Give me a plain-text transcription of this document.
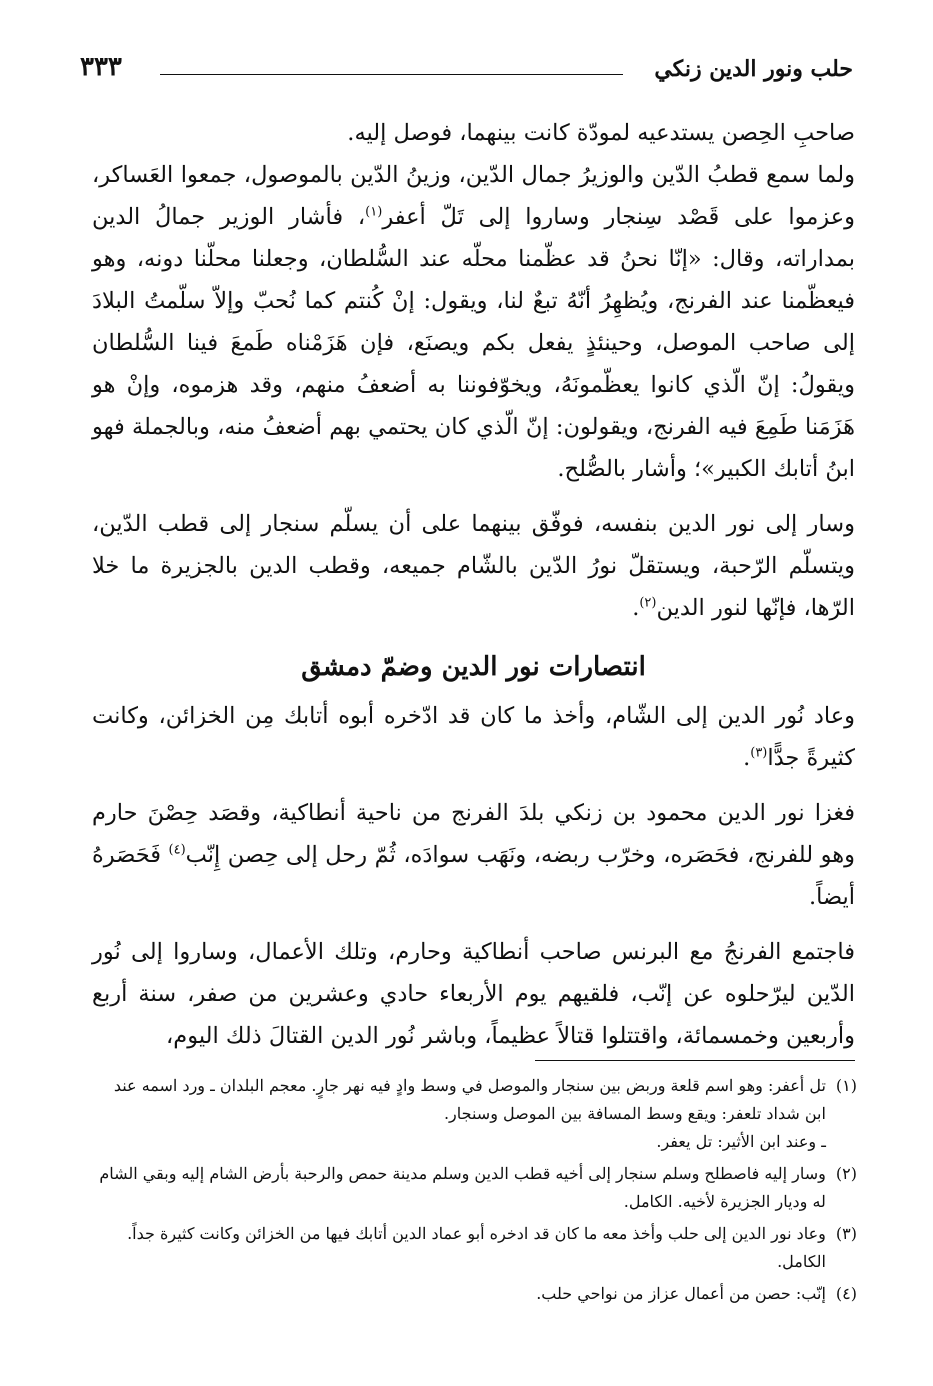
حلب ونور الدين زنكي
٣٣٣

صاحبِ الحِصن يستدعيه لمودّة كانت بينهما، فوصل إليه.

ولما سمع قطبُ الدّين والوزيرُ جمال الدّين، وزينُ الدّين بالموصول، جمعوا العَساكر، وعزموا على قَصْد سِنجار وساروا إلى تَلّ أعفر$^{(١)}$، فأشار الوزير جمالُ الدين بمداراته، وقال: «إنّا نحنُ قد عظّمنا محلّه عند السُّلطان، وجعلنا محلّنا دونه، وهو فيعظّمنا عند الفرنج، ويُظهِرُ أنّهُ تبعٌ لنا، ويقول: إنْ كُنتم كما نُحبّ وإلاّ سلّمتُ البلادَ إلى صاحب الموصل، وحينئذٍ يفعل بكم ويصنَع، فإن هَزَمْناه طَمعَ فينا السُّلطان ويقولُ: إنّ الّذي كانوا يعظّمونَهُ، ويخوّفوننا به أضعفُ منهم، وقد هزموه، وإنْ هو هَزَمَنا طَمِعَ فيه الفرنج، ويقولون: إنّ الّذي كان يحتمي بهم أضعفُ منه، وبالجملة فهو ابنُ أتابك الكبير»؛ وأشار بالصُّلح.

وسار إلى نور الدين بنفسه، فوفّق بينهما على أن يسلّم سنجار إلى قطب الدّين، ويتسلّم الرّحبة، ويستقلّ نورُ الدّين بالشّام جميعه، وقطب الدين بالجزيرة ما خلا الرّها، فإنّها لنور الدين$^{(٢)}$.

انتصارات نور الدين وضمّ دمشق

وعاد نُور الدين إلى الشّام، وأخذ ما كان قد ادّخره أبوه أتابك مِن الخزائن، وكانت كثيرةً جدًّا$^{(٣)}$.

فغزا نور الدين محمود بن زنكي بلدَ الفرنج من ناحية أنطاكية، وقصَد حِصْنَ حارم وهو للفرنج، فحَصَره، وخرّب ربضه، ونَهَب سوادَه، ثُمّ رحل إلى حِصن إِنّب$^{(٤)}$ فَحَصَرهُ أيضاً.

فاجتمع الفرنجُ مع البرنس صاحب أنطاكية وحارم، وتلك الأعمال، وساروا إلى نُور الدّين ليرّحلوه عن إنّب، فلقيهم يوم الأربعاء حادي وعشرين من صفر، سنة أربع وأربعين وخمسمائة، واقتتلوا قتالاً عظيماً، وباشر نُور الدين القتالَ ذلك اليوم،

(١)
تل أعفر: وهو اسم قلعة وربض بين سنجار والموصل في وسط وادٍ فيه نهر جارٍ. معجم البلدان ـ ورد اسمه عند ابن شداد تلعفر: ويقع وسط المسافة بين الموصل وسنجار.
ـ وعند ابن الأثير: تل يعفر.
(٢)
وسار إليه فاصطلح وسلم سنجار إلى أخيه قطب الدين وسلم مدينة حمص والرحبة بأرض الشام إليه وبقي الشام له وديار الجزيرة لأخيه. الكامل.
(٣)
وعاد نور الدين إلى حلب وأخذ معه ما كان قد ادخره أبو عماد الدين أتابك فيها من الخزائن وكانت كثيرة جداً. الكامل.
(٤)
إنّب: حصن من أعمال عزاز من نواحي حلب.
